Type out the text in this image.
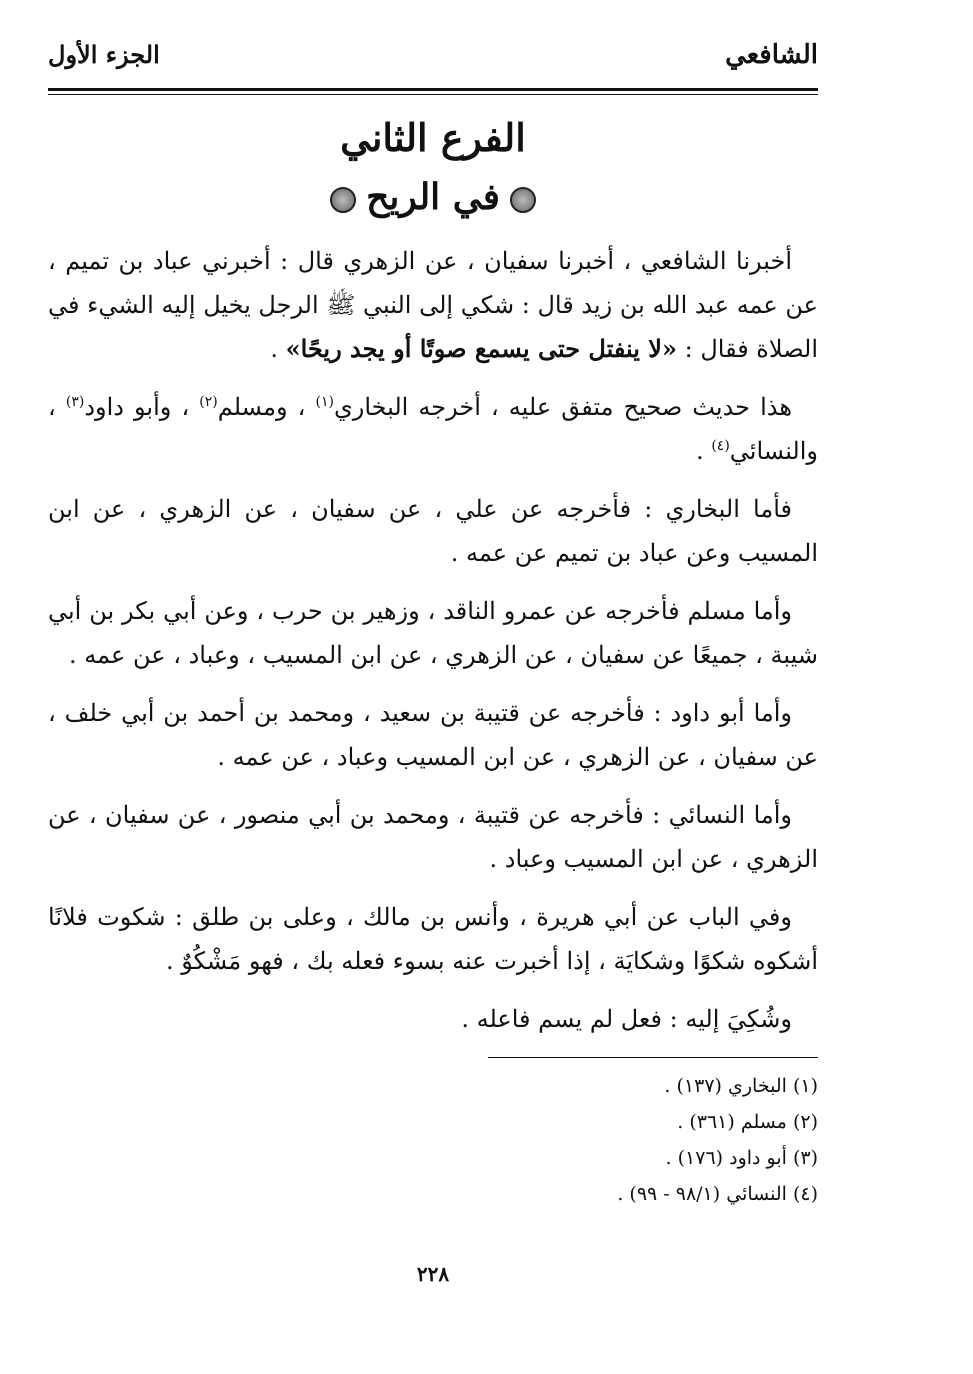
الشافعي
الجزء الأول
الفرع الثاني
في الريح

أخبرنا الشافعي ، أخبرنا سفيان ، عن الزهري قال : أخبرني عباد بن تميم ، عن عمه عبد الله بن زيد قال : شكي إلى النبي ﷺ الرجل يخيل إليه الشيء في الصلاة فقال : «لا ينفتل حتى يسمع صوتًا أو يجد ريحًا» .

هذا حديث صحيح متفق عليه ، أخرجه البخاري$^{(١)}$ ، ومسلم$^{(٢)}$ ، وأبو داود$^{(٣)}$ ، والنسائي$^{(٤)}$ .

فأما البخاري : فأخرجه عن علي ، عن سفيان ، عن الزهري ، عن ابن المسيب وعن عباد بن تميم عن عمه .

وأما مسلم فأخرجه عن عمرو الناقد ، وزهير بن حرب ، وعن أبي بكر بن أبي شيبة ، جميعًا عن سفيان ، عن الزهري ، عن ابن المسيب ، وعباد ، عن عمه .

وأما أبو داود : فأخرجه عن قتيبة بن سعيد ، ومحمد بن أحمد بن أبي خلف ، عن سفيان ، عن الزهري ، عن ابن المسيب وعباد ، عن عمه .

وأما النسائي : فأخرجه عن قتيبة ، ومحمد بن أبي منصور ، عن سفيان ، عن الزهري ، عن ابن المسيب وعباد .

وفي الباب عن أبي هريرة ، وأنس بن مالك ، وعلى بن طلق : شكوت فلانًا أشكوه شكوًا وشكايَة ، إذا أخبرت عنه بسوء فعله بك ، فهو مَشْكُوٌ .

وشُكِيَ إليه : فعل لم يسم فاعله .

(١) البخاري (١٣٧) .
(٢) مسلم (٣٦١) .
(٣) أبو داود (١٧٦) .
(٤) النسائي (٩٨/١ - ٩٩) .
٢٢٨
